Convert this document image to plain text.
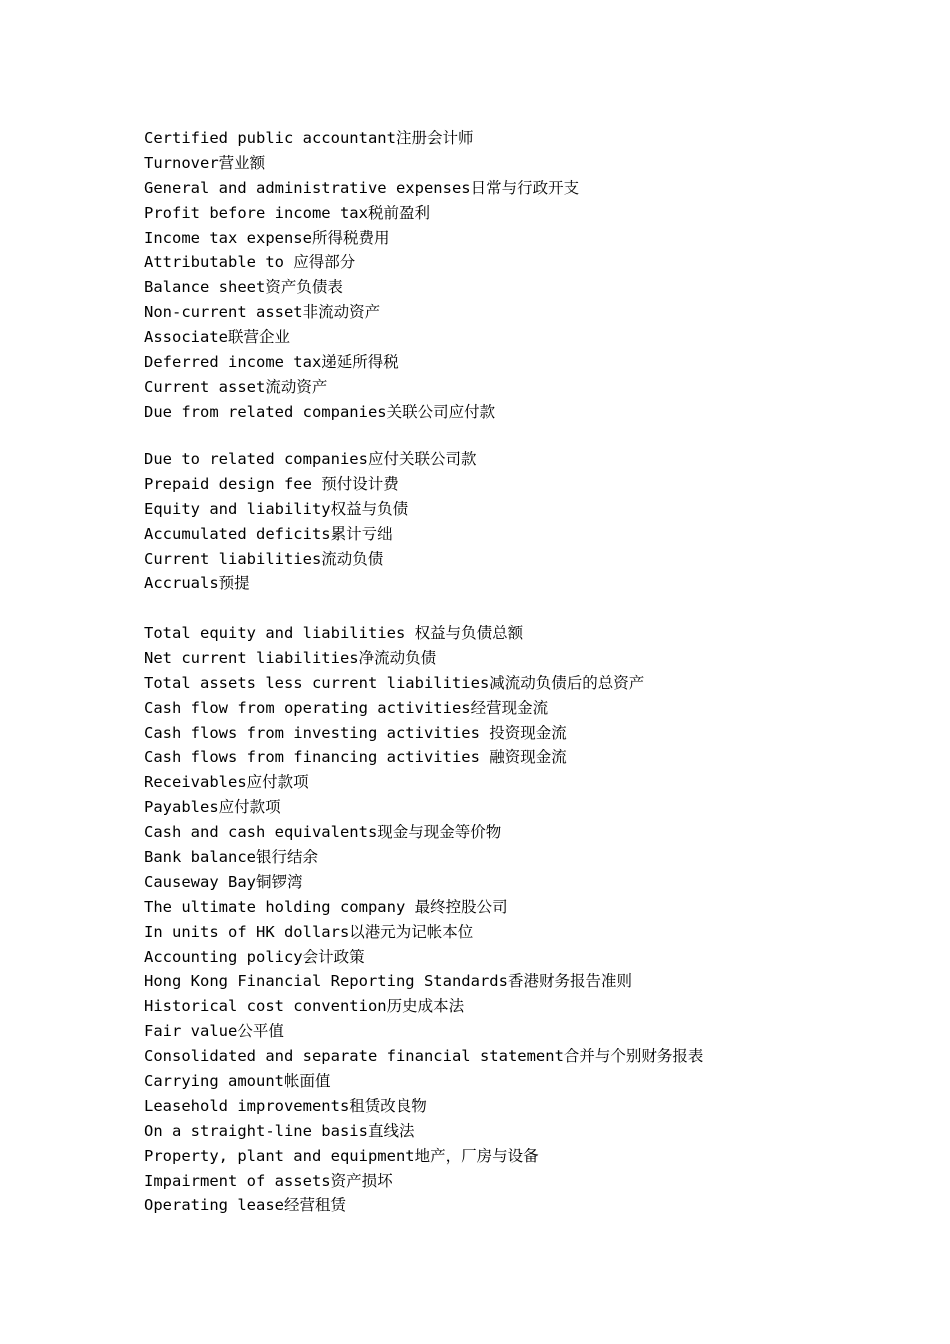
Certified public accountant注册会计师
Turnover营业额
General and administrative expenses日常与行政开支
Profit before income tax税前盈利
Income tax expense所得税费用
Attributable to 应得部分
Balance sheet资产负债表
Non-current asset非流动资产
Associate联营企业
Deferred income tax递延所得税
Current asset流动资产
Due from related companies关联公司应付款
Due to related companies应付关联公司款
Prepaid design fee 预付设计费
Equity and liability权益与负债
Accumulated deficits累计亏绌
Current liabilities流动负债
Accruals预提
Total equity and liabilities 权益与负债总额
Net current liabilities净流动负债
Total assets less current liabilities减流动负债后的总资产
Cash flow from operating activities经营现金流
Cash flows from investing activities 投资现金流
Cash flows from financing activities 融资现金流
Receivables应付款项
Payables应付款项
Cash and cash equivalents现金与现金等价物
Bank balance银行结余
Causeway Bay铜锣湾
The ultimate holding company 最终控股公司
In units of HK dollars以港元为记帐本位
Accounting policy会计政策
Hong Kong Financial Reporting Standards香港财务报告准则
Historical cost convention历史成本法
Fair value公平值
Consolidated and separate financial statement合并与个别财务报表
Carrying amount帐面值
Leasehold improvements租赁改良物
On a straight-line basis直线法
Property, plant and equipment地产，厂房与设备
Impairment of assets资产损坏
Operating lease经营租赁
